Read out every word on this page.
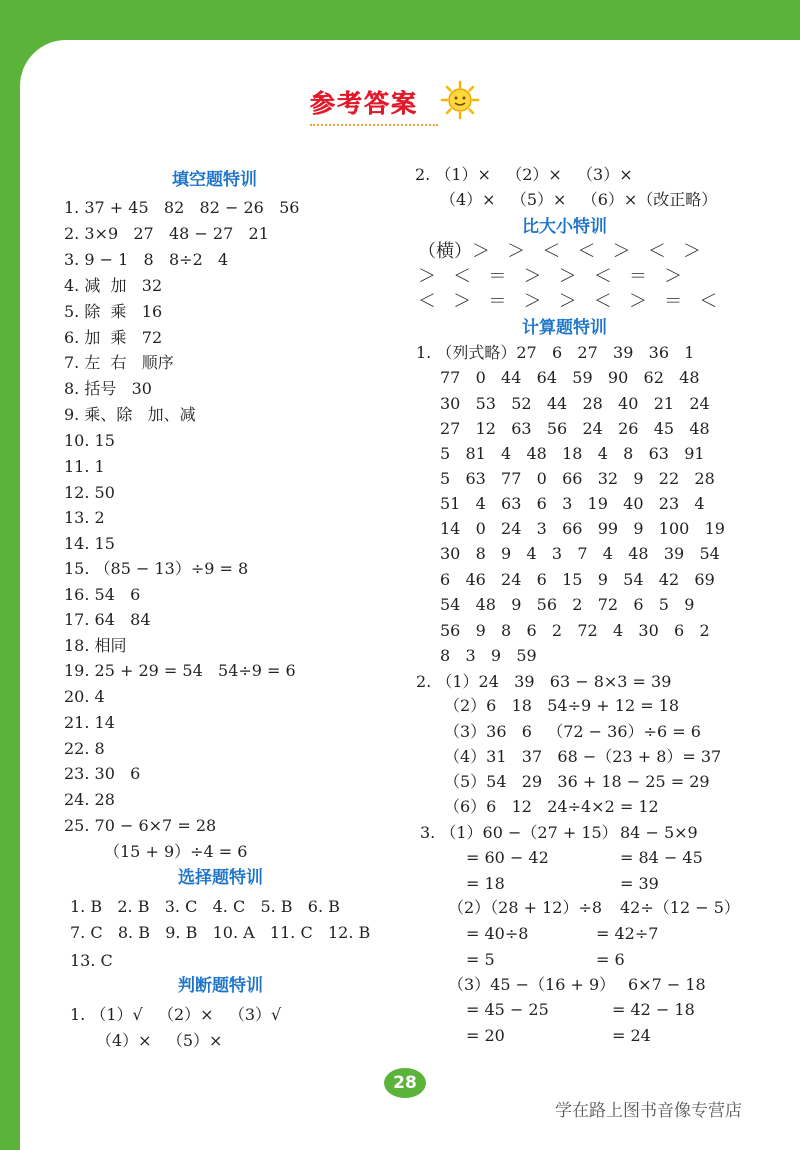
参考答案
填空题特训
1. 37 + 45   82   82 − 26   56
2. 3×9   27   48 − 27   21
3. 9 − 1   8   8÷2   4
4. 减  加   32
5. 除  乘   16
6. 加  乘   72
7. 左  右   顺序
8. 括号   30
9. 乘、除   加、减
10. 15
11. 1
12. 50
13. 2
14. 15
15. （85 − 13）÷9 = 8
16. 54   6
17. 64   84
18. 相同
19. 25 + 29 = 54   54÷9 = 6
20. 4
21. 14
22. 8
23. 30   6
24. 28
25. 70 − 6×7 = 28
（15 + 9）÷4 = 6
选择题特训
1. B   2. B   3. C   4. C   5. B   6. B
7. C   8. B   9. B   10. A   11. C   12. B
13. C
判断题特训
1. （1）√   （2）×   （3）√
（4）×   （5）×
2. （1）×   （2）×   （3）×
（4）×   （5）×   （6）×（改正略）
比大小特训
（横）＞   ＞   ＜   ＜   ＞   ＜   ＞
＞   ＜   ＝   ＞   ＞   ＜   ＝   ＞
＜   ＞   ＝   ＞   ＞   ＜   ＞   ＝   ＜
计算题特训
1. （列式略）27   6   27   39   36   1
77   0   44   64   59   90   62   48
30   53   52   44   28   40   21   24
27   12   63   56   24   26   45   48
5   81   4   48   18   4   8   63   91
5   63   77   0   66   32   9   22   28
51   4   63   6   3   19   40   23   4
14   0   24   3   66   99   9   100   19
30   8   9   4   3   7   4   48   39   54
6   46   24   6   15   9   54   42   69
54   48   9   56   2   72   6   5   9
56   9   8   6   2   72   4   30   6   2
8   3   9   59
2. （1）24   39   63 − 8×3 = 39
（2）6   18   54÷9 + 12 = 18
（3）36   6   （72 − 36）÷6 = 6
（4）31   37   68 −（23 + 8）= 37
（5）54   29   36 + 18 − 25 = 29
（6）6   12   24÷4×2 = 12
3. （1）60 −（27 + 15） 84 − 5×9
= 60 − 42	= 84 − 45
= 18	= 39
（2）（28 + 12）÷8 42÷（12 − 5）
= 40÷8	= 42÷7
= 5	= 6
（3）45 −（16 + 9） 6×7 − 18
= 45 − 25	= 42 − 18
= 20	= 24
28
学在路上图书音像专营店
